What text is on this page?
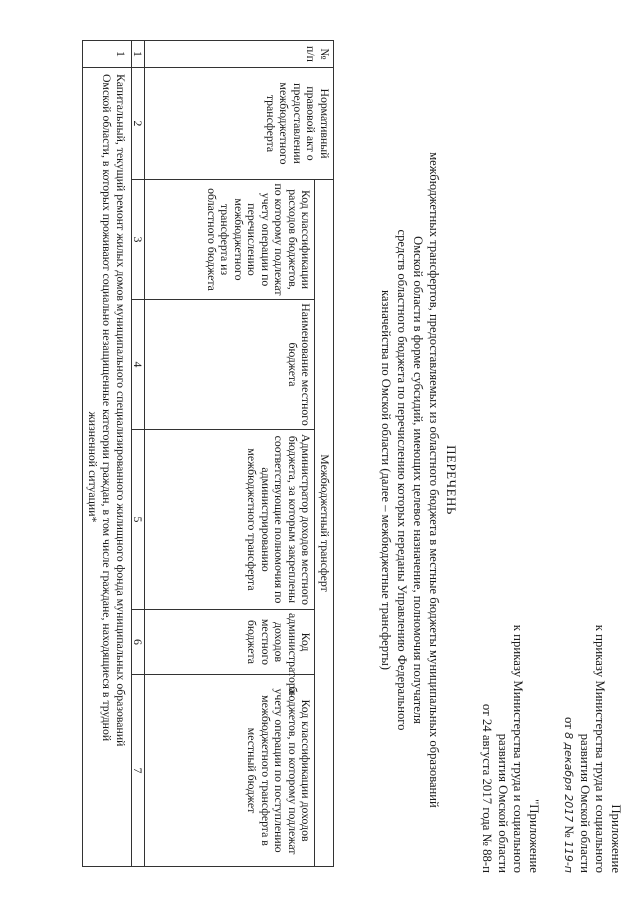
Приложение
к приказу Министерства труда и социального
развития Омской области
от 8 декабря 2017 № 119-п
"Приложение
к приказу Министерства труда и социального
развития Омской области
от 24 августа 2017 года № 88-п
ПЕРЕЧЕНЬ
межбюджетных трансфертов, предоставляемых из областного бюджета в местные бюджеты муниципальных образований
Омской области в форме субсидий, имеющих целевое назначение, полномочия получателя
средств областного бюджета по перечислению которых переданы Управлению Федерального
казначейства по Омской области (далее – межбюджетные трансферты)
№ п/п	Нормативный правовой акт о предоставлении межбюджетного трансферта	Межбюджетный трансферт				
		Код классификации расходов бюджетов, по которому подлежат учету операции по перечислению межбюджетного трансферта из областного бюджета	Наименование местного бюджета	Администратор доходов местного бюджета, за которым закреплены соответствующие полномочия по администрированию межбюджетного трансферта	Код администратора доходов местного бюджета	Код классификации доходов бюджетов, по которому подлежат учету операции по поступлению межбюджетного трансферта в местный бюджет
1	2	3	4	5	6	7
1	Капитальный, текущий ремонт жилых домов муниципального специализированного жилищного фонда муниципальных образований
Омской области, в которых проживают социально незащищенные категории граждан, в том числе граждане, находящиеся в трудной
жизненной ситуации*					
